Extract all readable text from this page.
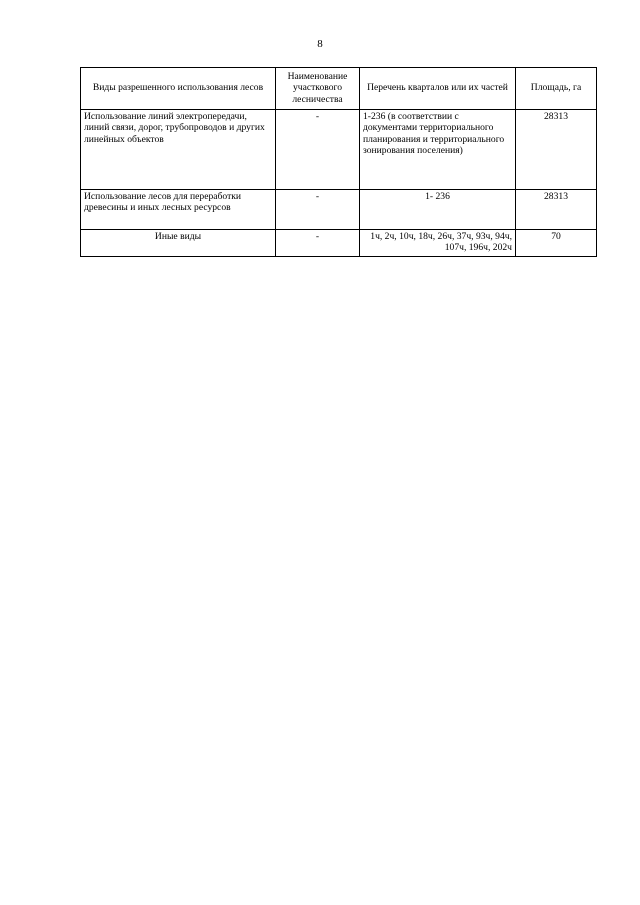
8
Виды разрешенного использования лесов	Наименование участкового лесничества	Перечень кварталов или их частей	Площадь, га
Использование линий электропередачи, линий связи, дорог, трубопроводов и других линейных объектов	-	1-236 (в соответствии с документами территориального планирования и территориального зонирования поселения)	28313
Использование лесов для переработки древесины и иных лесных ресурсов	-	1- 236	28313
Иные виды	-	1ч, 2ч, 10ч, 18ч, 26ч, 37ч, 93ч, 94ч, 107ч, 196ч, 202ч	70
